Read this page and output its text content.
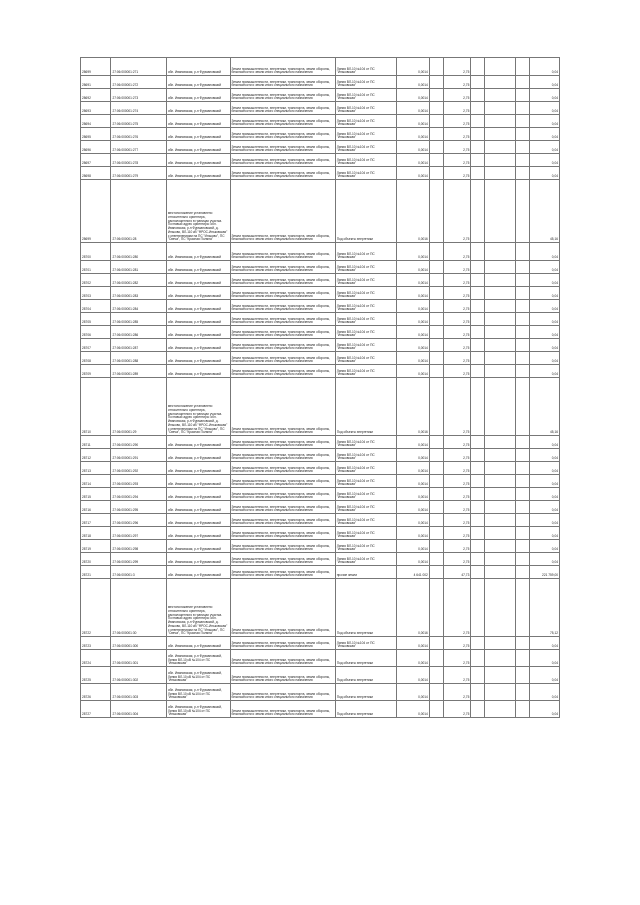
28699	27:06:000001:271	обл. Ивановская, р-н Фурмановский	Земли промышленности, энергетики, транспорта, земли обороны, безопасности и земли иного специального назначения	Линия ВЛ-10 №104 от ПС "Иньковская"	0,0014		2,75				0,04
28691	27:06:000001:272	обл. Ивановская, р-н Фурмановский	Земли промышленности, энергетики, транспорта, земли обороны, безопасности и земли иного специального назначения	Линия ВЛ-10 №104 от ПС "Иньковская"	0,0014		2,75				0,04
28692	27:06:000001:273	обл. Ивановская, р-н Фурмановский	Земли промышленности, энергетики, транспорта, земли обороны, безопасности и земли иного специального назначения	Линия ВЛ-10 №104 от ПС "Иньковская"	0,0014		2,75				0,04
28693	27:06:000001:274	обл. Ивановская, р-н Фурмановский	Земли промышленности, энергетики, транспорта, земли обороны, безопасности и земли иного специального назначения	Линия ВЛ-10 №104 от ПС "Иньковская"	0,0014		2,75				0,04
28694	27:06:000001:275	обл. Ивановская, р-н Фурмановский	Земли промышленности, энергетики, транспорта, земли обороны, безопасности и земли иного специального назначения	Линия ВЛ-10 №104 от ПС "Иньковская"	0,0014		2,75				0,04
28695	27:06:000001:276	обл. Ивановская, р-н Фурмановский	Земли промышленности, энергетики, транспорта, земли обороны, безопасности и земли иного специального назначения	Линия ВЛ-10 №104 от ПС "Иньковская"	0,0014		2,75				0,04
28696	27:06:000001:277	обл. Ивановская, р-н Фурмановский	Земли промышленности, энергетики, транспорта, земли обороны, безопасности и земли иного специального назначения	Линия ВЛ-10 №104 от ПС "Иньковская"	0,0014		2,75				0,04
28697	27:06:000001:278	обл. Ивановская, р-н Фурмановский	Земли промышленности, энергетики, транспорта, земли обороны, безопасности и земли иного специального назначения	Линия ВЛ-10 №104 от ПС "Иньковская"	0,0014		2,75				0,04
28698	27:06:000001:279	обл. Ивановская, р-н Фурмановский	Земли промышленности, энергетики, транспорта, земли обороны, безопасности и земли иного специального назначения	Линия ВЛ-10 №104 от ПС "Иньковская"	0,0014		2,75				0,04
28699	27:06:000001:28	местоположение установлено относительно ориентира, расположенного в границах участка. Почтовый адрес ориентира: обл. Ивановская, р-н Фурмановский, д. Иньково, ВЛ-110 кВ "ФРОС-Иньковская" с ответвлениями на ПС "Иньково", ПС "Свеча", ПС "Красная Поляна"	Земли промышленности, энергетики, транспорта, земли обороны, безопасности и земли иного специального назначения	Под объекты энергетики	0,0016		2,75				45,16
28700	27:06:000001:280	обл. Ивановская, р-н Фурмановский	Земли промышленности, энергетики, транспорта, земли обороны, безопасности и земли иного специального назначения	Линия ВЛ-10 №104 от ПС "Иньковская"	0,0014		2,75				0,04
28701	27:06:000001:281	обл. Ивановская, р-н Фурмановский	Земли промышленности, энергетики, транспорта, земли обороны, безопасности и земли иного специального назначения	Линия ВЛ-10 №104 от ПС "Иньковская"	0,0014		2,75				0,04
28702	27:06:000001:282	обл. Ивановская, р-н Фурмановский	Земли промышленности, энергетики, транспорта, земли обороны, безопасности и земли иного специального назначения	Линия ВЛ-10 №104 от ПС "Иньковская"	0,0014		2,75				0,04
28703	27:06:000001:283	обл. Ивановская, р-н Фурмановский	Земли промышленности, энергетики, транспорта, земли обороны, безопасности и земли иного специального назначения	Линия ВЛ-10 №104 от ПС "Иньковская"	0,0014		2,75				0,04
28704	27:06:000001:284	обл. Ивановская, р-н Фурмановский	Земли промышленности, энергетики, транспорта, земли обороны, безопасности и земли иного специального назначения	Линия ВЛ-10 №104 от ПС "Иньковская"	0,0014		2,75				0,04
28705	27:06:000001:285	обл. Ивановская, р-н Фурмановский	Земли промышленности, энергетики, транспорта, земли обороны, безопасности и земли иного специального назначения	Линия ВЛ-10 №104 от ПС "Иньковская"	0,0014		2,75				0,04
28706	27:06:000001:286	обл. Ивановская, р-н Фурмановский	Земли промышленности, энергетики, транспорта, земли обороны, безопасности и земли иного специального назначения	Линия ВЛ-10 №104 от ПС "Иньковская"	0,0014		2,75				0,04
28707	27:06:000001:287	обл. Ивановская, р-н Фурмановский	Земли промышленности, энергетики, транспорта, земли обороны, безопасности и земли иного специального назначения	Линия ВЛ-10 №104 от ПС "Иньковская"	0,0014		2,75				0,04
28708	27:06:000001:288	обл. Ивановская, р-н Фурмановский	Земли промышленности, энергетики, транспорта, земли обороны, безопасности и земли иного специального назначения	Линия ВЛ-10 №104 от ПС "Иньковская"	0,0014		2,75				0,04
28709	27:06:000001:289	обл. Ивановская, р-н Фурмановский	Земли промышленности, энергетики, транспорта, земли обороны, безопасности и земли иного специального назначения	Линия ВЛ-10 №104 от ПС "Иньковская"	0,0014		2,75				0,04
28710	27:06:000001:29	местоположение установлено относительно ориентира, расположенного в границах участка. Почтовый адрес ориентира: обл. Ивановская, р-н Фурмановский, д. Иньково, ВЛ-110 кВ "ФРОС-Иньковская" с ответвлениями на ПС "Иньково", ПС "Свеча", ПС "Красная Поляна"	Земли промышленности, энергетики, транспорта, земли обороны, безопасности и земли иного специального назначения	Под объекты энергетики	0,0016		2,75				45,16
28711	27:06:000001:290	обл. Ивановская, р-н Фурмановский	Земли промышленности, энергетики, транспорта, земли обороны, безопасности и земли иного специального назначения	Линия ВЛ-10 №104 от ПС "Иньковская"	0,0014		2,75				0,04
28712	27:06:000001:291	обл. Ивановская, р-н Фурмановский	Земли промышленности, энергетики, транспорта, земли обороны, безопасности и земли иного специального назначения	Линия ВЛ-10 №104 от ПС "Иньковская"	0,0014		2,75				0,04
28713	27:06:000001:292	обл. Ивановская, р-н Фурмановский	Земли промышленности, энергетики, транспорта, земли обороны, безопасности и земли иного специального назначения	Линия ВЛ-10 №104 от ПС "Иньковская"	0,0014		2,75				0,04
28714	27:06:000001:293	обл. Ивановская, р-н Фурмановский	Земли промышленности, энергетики, транспорта, земли обороны, безопасности и земли иного специального назначения	Линия ВЛ-10 №104 от ПС "Иньковская"	0,0014		2,75				0,04
28715	27:06:000001:294	обл. Ивановская, р-н Фурмановский	Земли промышленности, энергетики, транспорта, земли обороны, безопасности и земли иного специального назначения	Линия ВЛ-10 №104 от ПС "Иньковская"	0,0014		2,75				0,04
28716	27:06:000001:295	обл. Ивановская, р-н Фурмановский	Земли промышленности, энергетики, транспорта, земли обороны, безопасности и земли иного специального назначения	Линия ВЛ-10 №104 от ПС "Иньковская"	0,0014		2,75				0,04
28717	27:06:000001:296	обл. Ивановская, р-н Фурмановский	Земли промышленности, энергетики, транспорта, земли обороны, безопасности и земли иного специального назначения	Линия ВЛ-10 №104 от ПС "Иньковская"	0,0014		2,75				0,04
28718	27:06:000001:297	обл. Ивановская, р-н Фурмановский	Земли промышленности, энергетики, транспорта, земли обороны, безопасности и земли иного специального назначения	Линия ВЛ-10 №104 от ПС "Иньковская"	0,0014		2,75				0,04
28719	27:06:000001:298	обл. Ивановская, р-н Фурмановский	Земли промышленности, энергетики, транспорта, земли обороны, безопасности и земли иного специального назначения	Линия ВЛ-10 №104 от ПС "Иньковская"	0,0014		2,75				0,04
28720	27:06:000001:299	обл. Ивановская, р-н Фурмановский	Земли промышленности, энергетики, транспорта, земли обороны, безопасности и земли иного специального назначения	Линия ВЛ-10 №104 от ПС "Иньковская"	0,0014		2,75				0,04
28721	27:06:000001:3	обл. Ивановская, р-н Фурмановский	Земли промышленности, энергетики, транспорта, земли обороны, безопасности и земли иного специального назначения	прочие земли	4 641 002		47,73				221 759,00
28722	27:06:000001:30	местоположение установлено относительно ориентира, расположенного в границах участка. Почтовый адрес ориентира: обл. Ивановская, р-н Фурмановский, д. Иньково, ВЛ-110 кВ "ФРОС-Иньковская" с ответвлениями на ПС "Иньково", ПС "Свеча", ПС "Красная Поляна"	Земли промышленности, энергетики, транспорта, земли обороны, безопасности и земли иного специального назначения	Под объекты энергетики	0,0016		2,75				75,12
28723	27:06:000001:300	обл. Ивановская, р-н Фурмановский	Земли промышленности, энергетики, транспорта, земли обороны, безопасности и земли иного специального назначения	Линия ВЛ-10 №104 от ПС "Иньковская"	0,0014		2,75				0,04
28724	27:06:000001:301	обл. Ивановская, р-н Фурмановский, Линия ВЛ-10 кВ №104 от ПС "Иньковская"	Земли промышленности, энергетики, транспорта, земли обороны, безопасности и земли иного специального назначения	Под объекты энергетики	0,0014		2,75				0,04
28725	27:06:000001:302	обл. Ивановская, р-н Фурмановский, Линия ВЛ-10 кВ №104 от ПС "Иньковская"	Земли промышленности, энергетики, транспорта, земли обороны, безопасности и земли иного специального назначения	Под объекты энергетики	0,0014		2,75				0,04
28726	27:06:000001:303	обл. Ивановская, р-н Фурмановский, Линия ВЛ-10 кВ №104 от ПС "Иньковская"	Земли промышленности, энергетики, транспорта, земли обороны, безопасности и земли иного специального назначения	Под объекты энергетики	0,0014		2,75				0,04
28727	27:06:000001:304	обл. Ивановская, р-н Фурмановский, Линия ВЛ-10 кВ №104 от ПС "Иньковская"	Земли промышленности, энергетики, транспорта, земли обороны, безопасности и земли иного специального назначения	Под объекты энергетики	0,0014		2,75				0,04
